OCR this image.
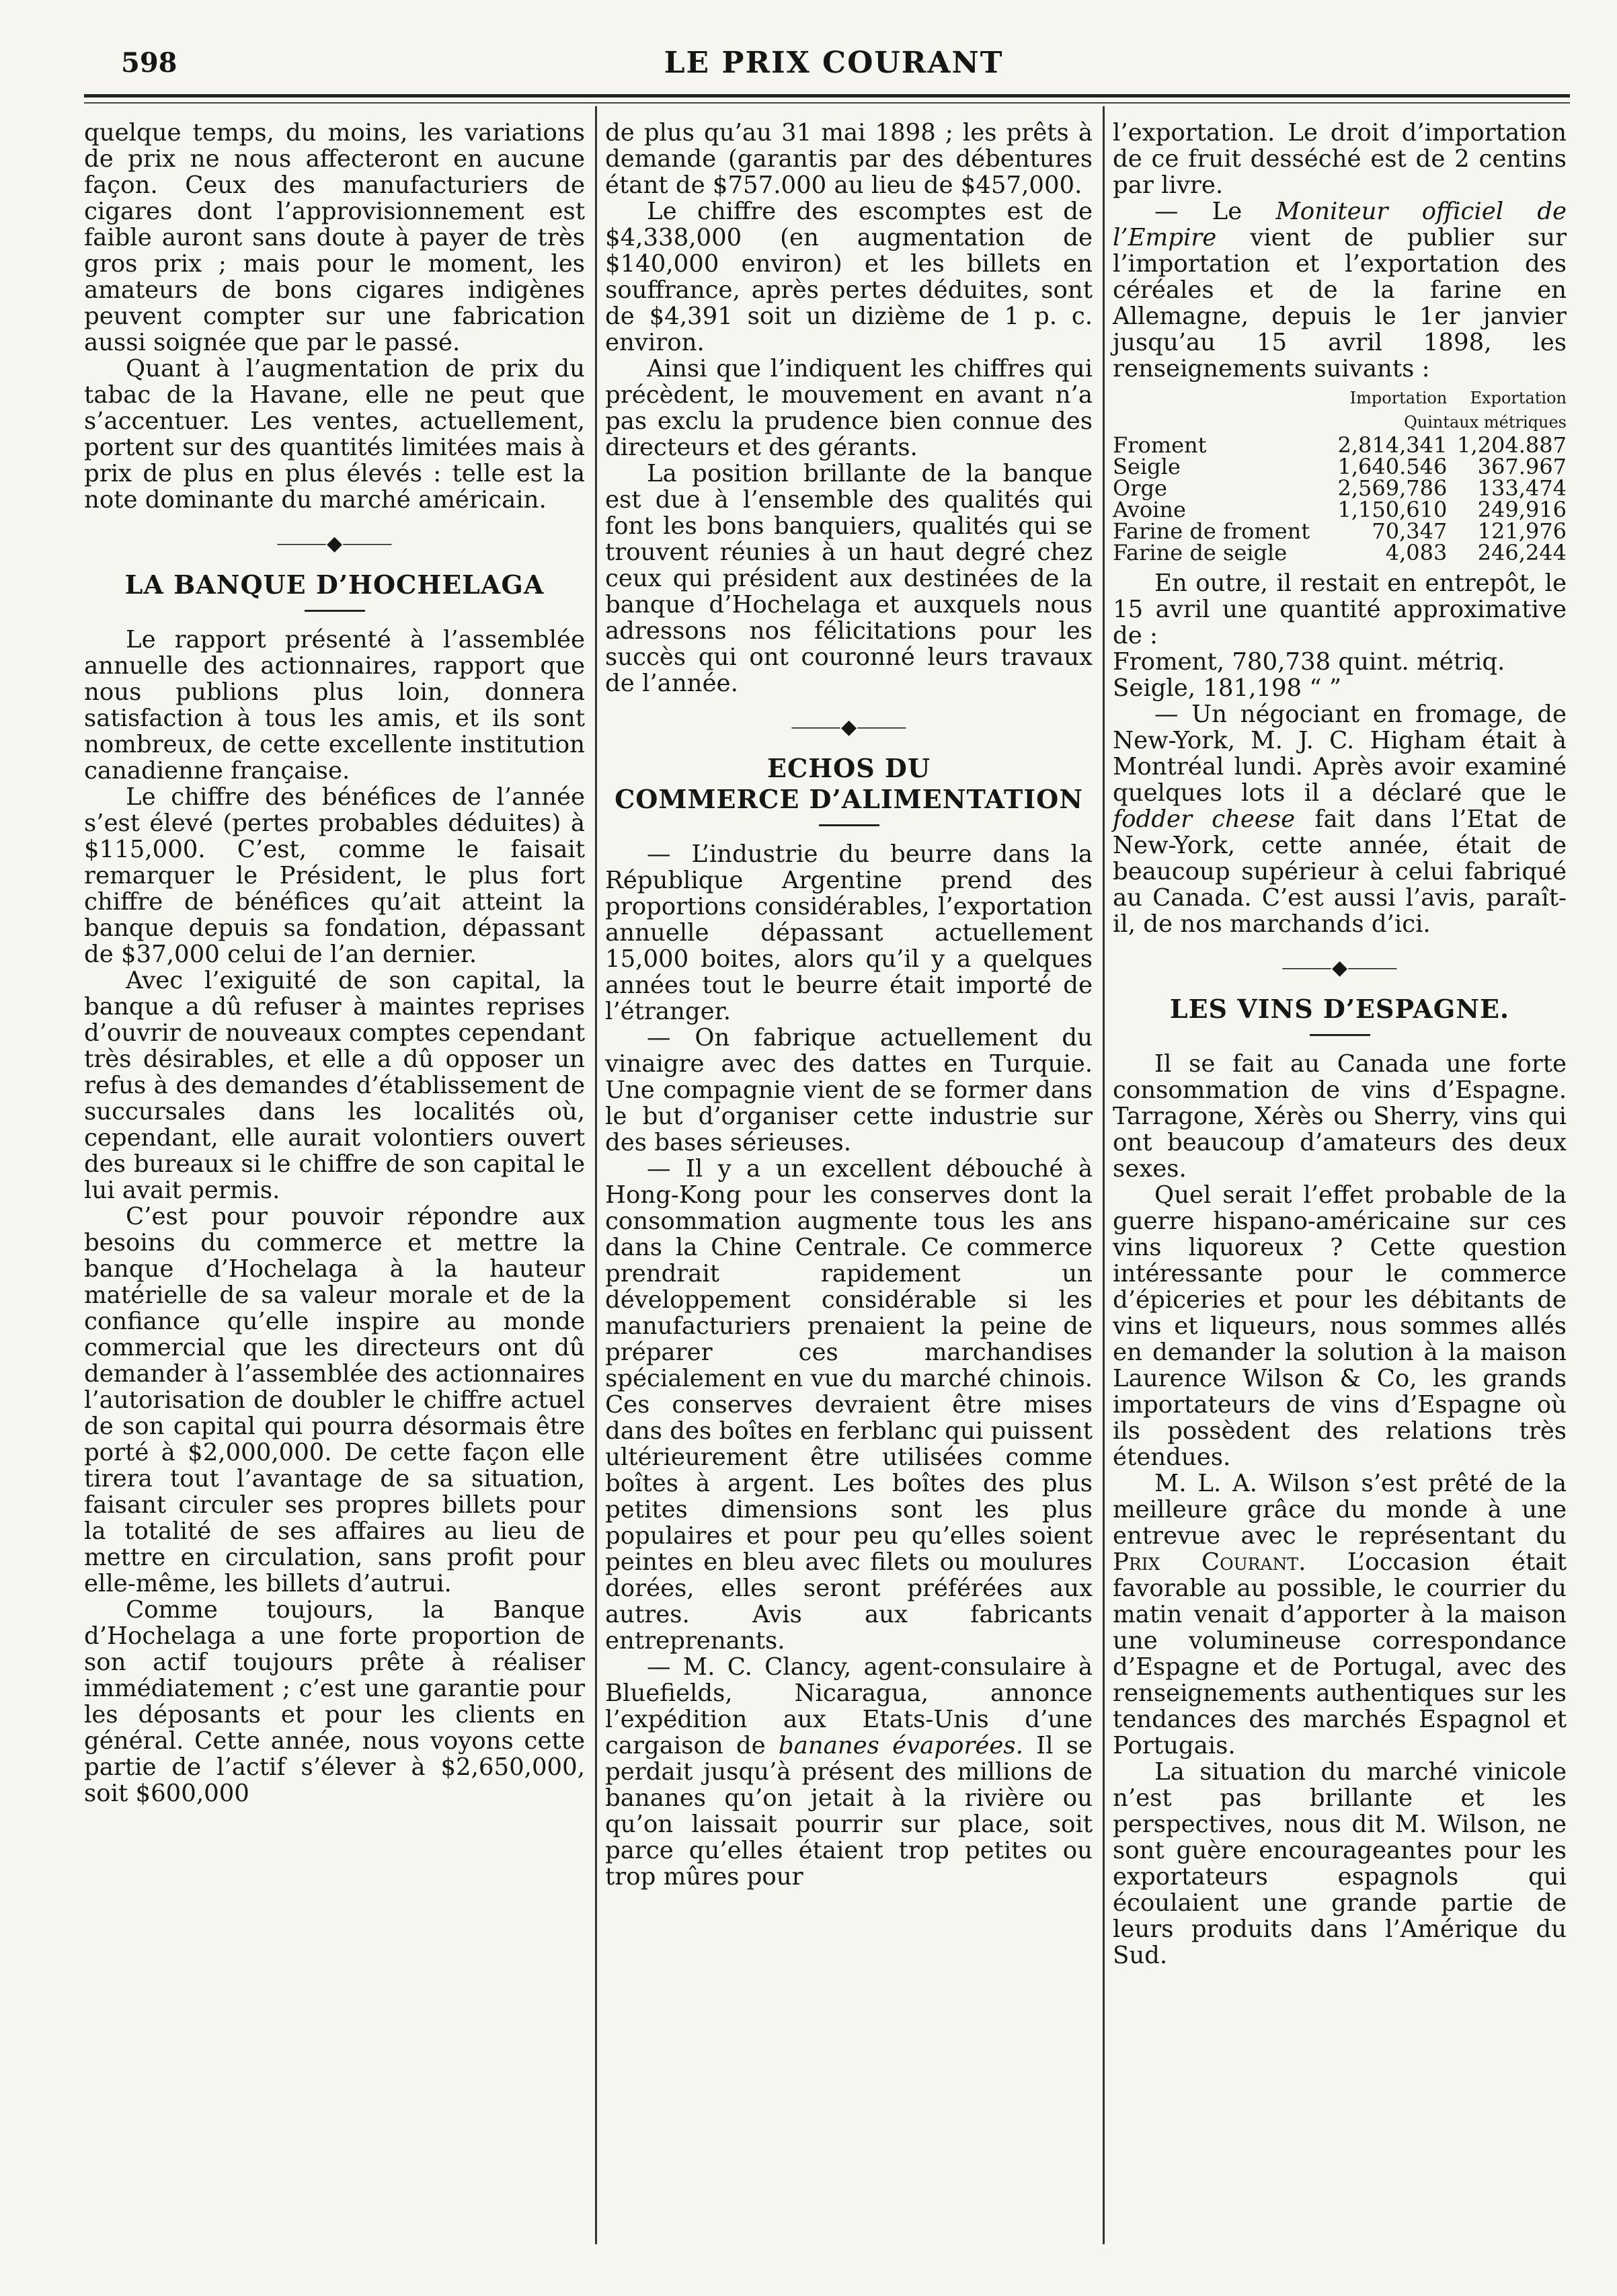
598	LE PRIX COURANT

quelque temps, du moins, les variations de prix ne nous affecteront en aucune façon. Ceux des manufacturiers de cigares dont l’approvisionnement est faible auront sans doute à payer de très gros prix ; mais pour le moment, les amateurs de bons cigares indigènes peuvent compter sur une fabrication aussi soignée que par le passé.

Quant à l’augmentation de prix du tabac de la Havane, elle ne peut que s’accentuer. Les ventes, actuellement, portent sur des quantités limitées mais à prix de plus en plus élevés : telle est la note dominante du marché américain.

⸻◆⸻
LA BANQUE D’HOCHELAGA

Le rapport présenté à l’assemblée annuelle des actionnaires, rapport que nous publions plus loin, donnera satisfaction à tous les amis, et ils sont nombreux, de cette excellente institution canadienne française.

Le chiffre des bénéfices de l’année s’est élevé (pertes probables déduites) à $115,000. C’est, comme le faisait remarquer le Président, le plus fort chiffre de bénéfices qu’ait atteint la banque depuis sa fondation, dépassant de $37,000 celui de l’an dernier.

Avec l’exiguité de son capital, la banque a dû refuser à maintes reprises d’ouvrir de nouveaux comptes cependant très désirables, et elle a dû opposer un refus à des demandes d’établissement de succursales dans les localités où, cependant, elle aurait volontiers ouvert des bureaux si le chiffre de son capital le lui avait permis.

C’est pour pouvoir répondre aux besoins du commerce et mettre la banque d’Hochelaga à la hauteur matérielle de sa valeur morale et de la confiance qu’elle inspire au monde commercial que les directeurs ont dû demander à l’assemblée des actionnaires l’autorisation de doubler le chiffre actuel de son capital qui pourra désormais être porté à $2,000,000. De cette façon elle tirera tout l’avantage de sa situation, faisant circuler ses propres billets pour la totalité de ses affaires au lieu de mettre en circulation, sans profit pour elle-même, les billets d’autrui.

Comme toujours, la Banque d’Hochelaga a une forte proportion de son actif toujours prête à réaliser immédiatement ; c’est une garantie pour les déposants et pour les clients en général. Cette année, nous voyons cette partie de l’actif s’élever à $2,650,000, soit $600,000

de plus qu’au 31 mai 1898 ; les prêts à demande (garantis par des débentures étant de $757.000 au lieu de $457,000.

Le chiffre des escomptes est de $4,338,000 (en augmentation de $140,000 environ) et les billets en souffrance, après pertes déduites, sont de $4,391 soit un dizième de 1 p. c. environ.

Ainsi que l’indiquent les chiffres qui précèdent, le mouvement en avant n’a pas exclu la prudence bien connue des directeurs et des gérants.

La position brillante de la banque est due à l’ensemble des qualités qui font les bons banquiers, qualités qui se trouvent réunies à un haut degré chez ceux qui président aux destinées de la banque d’Hochelaga et auxquels nous adressons nos félicitations pour les succès qui ont couronné leurs travaux de l’année.

⸻◆⸻
ECHOS DU
COMMERCE D’ALIMENTATION

— L’industrie du beurre dans la République Argentine prend des proportions considérables, l’exportation annuelle dépassant actuellement 15,000 boites, alors qu’il y a quelques années tout le beurre était importé de l’étranger.

— On fabrique actuellement du vinaigre avec des dattes en Turquie. Une compagnie vient de se former dans le but d’organiser cette industrie sur des bases sérieuses.

— Il y a un excellent débouché à Hong-Kong pour les conserves dont la consommation augmente tous les ans dans la Chine Centrale. Ce commerce prendrait rapidement un développement considérable si les manufacturiers prenaient la peine de préparer ces marchandises spécialement en vue du marché chinois. Ces conserves devraient être mises dans des boîtes en ferblanc qui puissent ultérieurement être utilisées comme boîtes à argent. Les boîtes des plus petites dimensions sont les plus populaires et pour peu qu’elles soient peintes en bleu avec filets ou moulures dorées, elles seront préférées aux autres. Avis aux fabricants entreprenants.

— M. C. Clancy, agent-consulaire à Bluefields, Nicaragua, annonce l’expédition aux Etats-Unis d’une cargaison de bananes évaporées. Il se perdait jusqu’à présent des millions de bananes qu’on jetait à la rivière ou qu’on laissait pourrir sur place, soit parce qu’elles étaient trop petites ou trop mûres pour

l’exportation. Le droit d’importation de ce fruit desséché est de 2 centins par livre.

— Le Moniteur officiel de l’Empire vient de publier sur l’importation et l’exportation des céréales et de la farine en Allemagne, depuis le 1er janvier jusqu’au 15 avril 1898, les renseignements suivants :

	Importation	Exportation
	Quintaux métriques	
Froment	2,814,341	1,204.887
Seigle	1,640.546	367.967
Orge	2,569,786	133,474
Avoine	1,150,610	249,916
Farine de froment	70,347	121,976
Farine de seigle	4,083	246,244

En outre, il restait en entrepôt, le 15 avril une quantité approximative de :

Froment, 780,738 quint. métriq.

Seigle, 181,198 “ ”

— Un négociant en fromage, de New-York, M. J. C. Higham était à Montréal lundi. Après avoir examiné quelques lots il a déclaré que le fodder cheese fait dans l’Etat de New-York, cette année, était de beaucoup supérieur à celui fabriqué au Canada. C’est aussi l’avis, paraît-il, de nos marchands d’ici.

⸻◆⸻
LES VINS D’ESPAGNE.

Il se fait au Canada une forte consommation de vins d’Espagne. Tarragone, Xérès ou Sherry, vins qui ont beaucoup d’amateurs des deux sexes.

Quel serait l’effet probable de la guerre hispano-américaine sur ces vins liquoreux ? Cette question intéressante pour le commerce d’épiceries et pour les débitants de vins et liqueurs, nous sommes allés en demander la solution à la maison Laurence Wilson & Co, les grands importateurs de vins d’Espagne où ils possèdent des relations très étendues.

M. L. A. Wilson s’est prêté de la meilleure grâce du monde à une entrevue avec le représentant du Prix Courant. L’occasion était favorable au possible, le courrier du matin venait d’apporter à la maison une volumineuse correspondance d’Espagne et de Portugal, avec des renseignements authentiques sur les tendances des marchés Espagnol et Portugais.

La situation du marché vinicole n’est pas brillante et les perspectives, nous dit M. Wilson, ne sont guère encourageantes pour les exportateurs espagnols qui écoulaient une grande partie de leurs produits dans l’Amérique du Sud.
